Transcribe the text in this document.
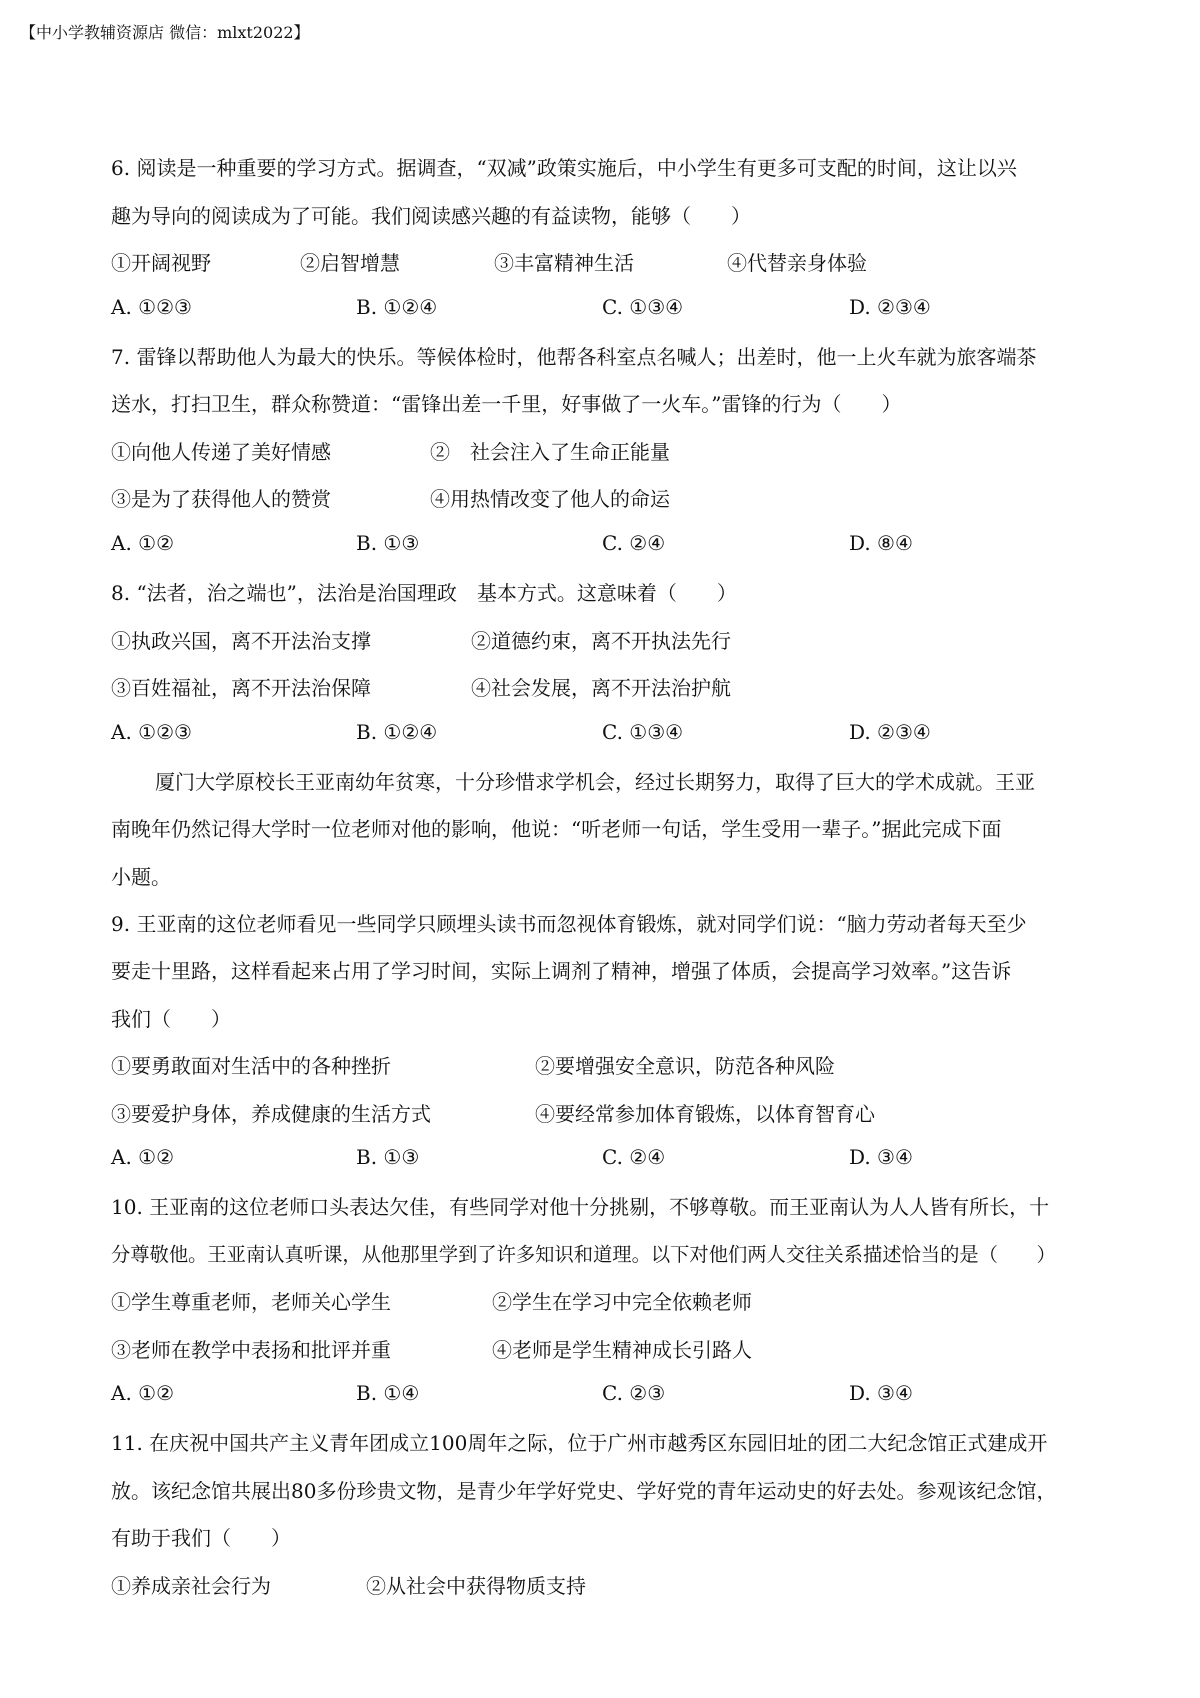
【中小学教辅资源店 微信：mlxt2022】
6. 阅读是一种重要的学习方式。据调查，“双减”政策实施后，中小学生有更多可支配的时间，这让以兴
趣为导向的阅读成为了可能。我们阅读感兴趣的有益读物，能够（　　）
①开阔视野	②启智增慧	③丰富精神生活	④代替亲身体验
A. ①②③	B. ①②④	C. ①③④	D. ②③④
7. 雷锋以帮助他人为最大的快乐。等候体检时，他帮各科室点名喊人；出差时，他一上火车就为旅客端茶
送水，打扫卫生，群众称赞道：“雷锋出差一千里，好事做了一火车。”雷锋的行为（　　）
①向他人传递了美好情感	②　社会注入了生命正能量
③是为了获得他人的赞赏	④用热情改变了他人的命运
A. ①②	B. ①③	C. ②④	D. ⑧④
8. “法者，治之端也”，法治是治国理政　基本方式。这意味着（　　）
①执政兴国，离不开法治支撑	②道德约束，离不开执法先行
③百姓福祉，离不开法治保障	④社会发展，离不开法治护航
A. ①②③	B. ①②④	C. ①③④	D. ②③④
厦门大学原校长王亚南幼年贫寒，十分珍惜求学机会，经过长期努力，取得了巨大的学术成就。王亚
南晚年仍然记得大学时一位老师对他的影响，他说：“听老师一句话，学生受用一辈子。”据此完成下面
小题。
9. 王亚南的这位老师看见一些同学只顾埋头读书而忽视体育锻炼，就对同学们说：“脑力劳动者每天至少
要走十里路，这样看起来占用了学习时间，实际上调剂了精神，增强了体质，会提高学习效率。”这告诉
我们（　　）
①要勇敢面对生活中的各种挫折	②要增强安全意识，防范各种风险
③要爱护身体，养成健康的生活方式	④要经常参加体育锻炼，以体育智育心
A. ①②	B. ①③	C. ②④	D. ③④
10. 王亚南的这位老师口头表达欠佳，有些同学对他十分挑剔，不够尊敬。而王亚南认为人人皆有所长，十
分尊敬他。王亚南认真听课，从他那里学到了许多知识和道理。以下对他们两人交往关系描述恰当的是（　　）
①学生尊重老师，老师关心学生	②学生在学习中完全依赖老师
③老师在教学中表扬和批评并重	④老师是学生精神成长引路人
A. ①②	B. ①④	C. ②③	D. ③④
11. 在庆祝中国共产主义青年团成立100周年之际，位于广州市越秀区东园旧址的团二大纪念馆正式建成开
放。该纪念馆共展出80多份珍贵文物，是青少年学好党史、学好党的青年运动史的好去处。参观该纪念馆，
有助于我们（　　）
①养成亲社会行为	②从社会中获得物质支持
